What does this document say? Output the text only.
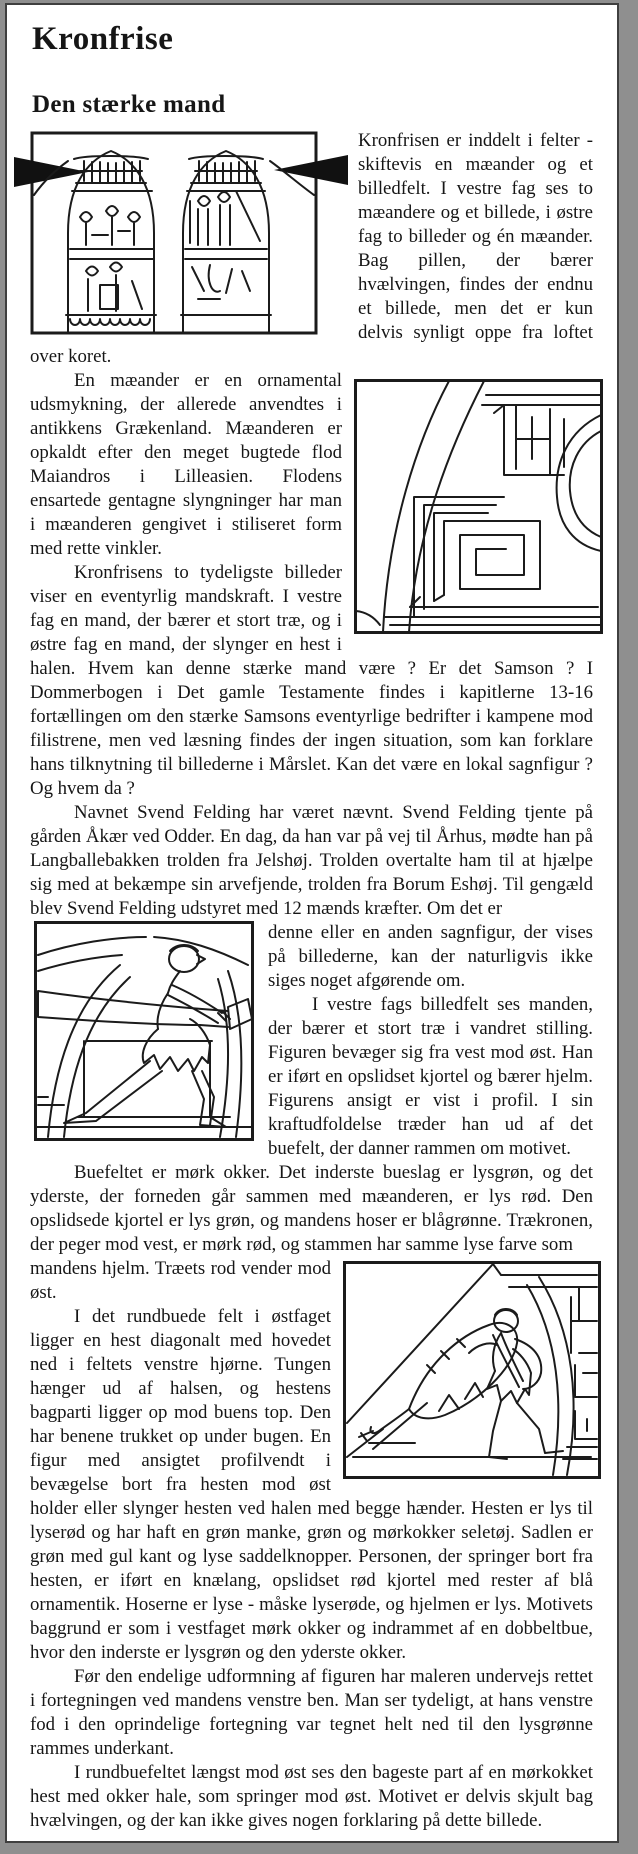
Kronfrise
Den stærke mand

Kronfrisen er inddelt i felter - skiftevis en mæander og et billedfelt. I vestre fag ses to mæandere og et billede, i østre fag to billeder og én mæander. Bag pillen, der bærer hvælvingen, findes der endnu et billede, men det er kun delvis synligt oppe fra loftet over koret.

En mæander er en ornamental udsmykning, der allerede anvendtes i antikkens Grækenland. Mæanderen er opkaldt efter den meget bugtede flod Maiandros i Lilleasien. Flodens ensartede gentagne slyngninger har man i mæanderen gengivet i stiliseret form med rette vinkler.

Kronfrisens to tydeligste billeder viser en eventyrlig mandskraft. I vestre fag en mand, der bærer et stort træ, og i østre fag en mand, der slynger en hest i halen. Hvem kan denne stærke mand være ? Er det Samson ? I Dommerbogen i Det gamle Testamente findes i kapitlerne 13-16 fortællingen om den stærke Samsons eventyrlige bedrifter i kampene mod filistrene, men ved læsning findes der ingen situation, som kan forklare hans tilknytning til billederne i Mårslet. Kan det være en lokal sagnfigur ? Og hvem da ?

Navnet Svend Felding har været nævnt. Svend Felding tjente på gården Åkær ved Odder. En dag, da han var på vej til Århus, mødte han på Langballebakken trolden fra Jelshøj. Trolden overtalte ham til at hjælpe sig med at bekæmpe sin arvefjende, trolden fra Borum Eshøj. Til gengæld blev Svend Felding udstyret med 12 mænds kræfter. Om det er

denne eller en anden sagnfigur, der vises på billederne, kan der naturligvis ikke siges noget afgørende om.

I vestre fags billedfelt ses manden, der bærer et stort træ i vandret stilling. Figuren bevæger sig fra vest mod øst. Han er iført en opslidset kjortel og bærer hjelm. Figurens ansigt er vist i profil. I sin kraftudfoldelse træder han ud af det buefelt, der danner rammen om motivet.

Buefeltet er mørk okker. Det inderste bueslag er lysgrøn, og det yderste, der forneden går sammen med mæanderen, er lys rød. Den opslidsede kjortel er lys grøn, og mandens hoser er blågrønne. Trækronen, der peger mod vest, er mørk rød, og stammen har samme lyse farve som

mandens hjelm. Træets rod vender mod øst.

I det rundbuede felt i østfaget ligger en hest diagonalt med hovedet ned i feltets venstre hjørne. Tungen hænger ud af halsen, og hestens bagparti ligger op mod buens top. Den har benene trukket op under bugen. En figur med ansigtet profilvendt i bevægelse bort fra hesten mod øst holder eller slynger hesten ved halen med begge hænder. Hesten er lys til lyserød og har haft en grøn manke, grøn og mørkokker seletøj. Sadlen er grøn med gul kant og lyse saddelknopper. Personen, der springer bort fra hesten, er iført en knælang, opslidset rød kjortel med rester af blå ornamentik. Hoserne er lyse - måske lyserøde, og hjelmen er lys. Motivets baggrund er som i vestfaget mørk okker og indrammet af en dobbeltbue, hvor den inderste er lysgrøn og den yderste okker.

Før den endelige udformning af figuren har maleren undervejs rettet i fortegningen ved mandens venstre ben. Man ser tydeligt, at hans venstre fod i den oprindelige fortegning var tegnet helt ned til den lysgrønne rammes underkant.

I rundbuefeltet længst mod øst ses den bageste part af en mørkokket hest med okker hale, som springer mod øst. Motivet er delvis skjult bag hvælvingen, og der kan ikke gives nogen forklaring på dette billede.
